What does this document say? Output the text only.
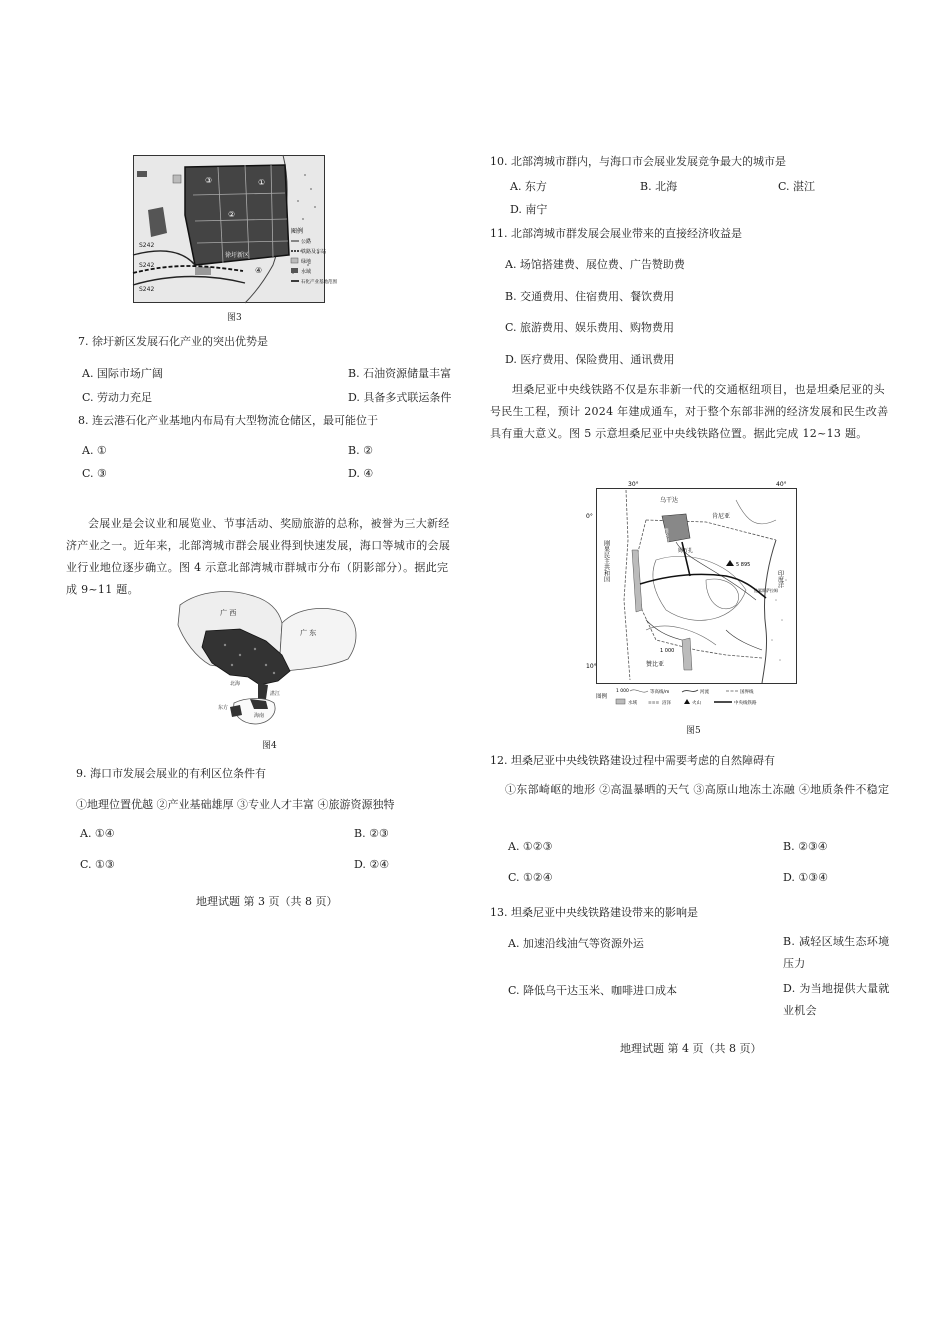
①
②
③
④
徐圩新区
S242
S242
S242
图例
公路
铁路及车站
绿地
水域
石化产业基地范围
图3
7. 徐圩新区发展石化产业的突出优势是
A. 国际市场广阔	B. 石油资源储量丰富
C. 劳动力充足	D. 具备多式联运条件
8. 连云港石化产业基地内布局有大型物流仓储区，最可能位于
A. ①	B. ②
C. ③	D. ④
会展业是会议业和展览业、节事活动、奖励旅游的总称，被誉为三大新经济产业之一。近年来，北部湾城市群会展业得到快速发展，海口等城市的会展业行业地位逐步确立。图 4 示意北部湾城市群城市分布（阴影部分）。据此完成 9~11 题。
广 西
广 东
北海
湛江
海南
东方
图4
9. 海口市发展会展业的有利区位条件有
①地理位置优越 ②产业基础雄厚 ③专业人才丰富 ④旅游资源独特
A. ①④	B. ②③
C. ①③	D. ②④
地理试题 第 3 页（共 8 页）
10. 北部湾城市群内，与海口市会展业发展竞争最大的城市是
A. 东方	B. 北海	C. 湛江
D. 南宁
11. 北部湾城市群发展会展业带来的直接经济收益是
A. 场馆搭建费、展位费、广告赞助费
B. 交通费用、住宿费用、餐饮费用
C. 旅游费用、娱乐费用、购物费用
D. 医疗费用、保险费用、通讯费用
坦桑尼亚中央线铁路不仅是东非新一代的交通枢纽项目，也是坦桑尼亚的头号民生工程，预计 2024 年建成通车，对于整个东部非洲的经济发展和民生改善具有重大意义。图 5 示意坦桑尼亚中央线铁路位置。据此完成 12~13 题。
30°	40°
0°
10°
乌干达
肯尼亚
刚果民主共和国	维多利亚湖 姆万扎
5 895
印度洋
赞比亚
1 000
达累斯萨拉姆
图例
1 000	等高线/m	河流	国界线
水域 ≡≡≡ 沼泽	火山	中央线铁路
图5
12. 坦桑尼亚中央线铁路建设过程中需要考虑的自然障碍有
①东部崎岖的地形 ②高温暴晒的天气 ③高原山地冻土冻融 ④地质条件不稳定
A. ①②③	B. ②③④
C. ①②④	D. ①③④
13. 坦桑尼亚中央线铁路建设带来的影响是
A. 加速沿线油气等资源外运	B. 减轻区域生态环境压力
C. 降低乌干达玉米、咖啡进口成本	D. 为当地提供大量就业机会
地理试题 第 4 页（共 8 页）
